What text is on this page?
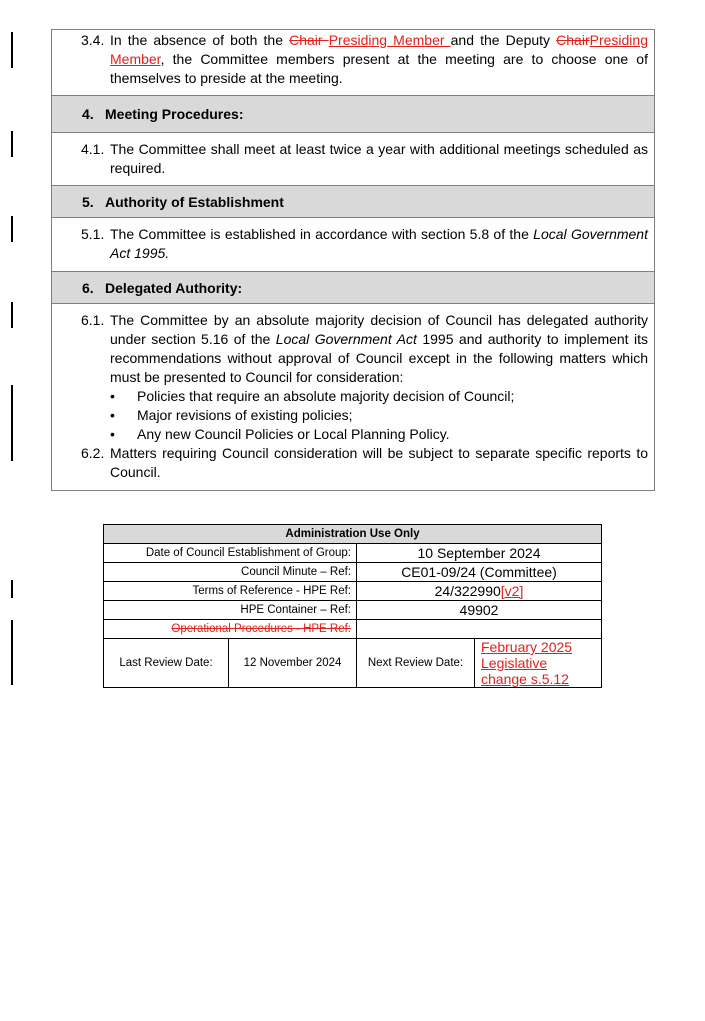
3.4. In the absence of both the Chair Presiding Member and the Deputy ChairPresiding Member, the Committee members present at the meeting are to choose one of themselves to preside at the meeting.
4. Meeting Procedures:
4.1. The Committee shall meet at least twice a year with additional meetings scheduled as required.
5. Authority of Establishment
5.1. The Committee is established in accordance with section 5.8 of the Local Government Act 1995.
6. Delegated Authority:
6.1. The Committee by an absolute majority decision of Council has delegated authority under section 5.16 of the Local Government Act 1995 and authority to implement its recommendations without approval of Council except in the following matters which must be presented to Council for consideration:
•	Policies that require an absolute majority decision of Council;
•	Major revisions of existing policies;
•	Any new Council Policies or Local Planning Policy.
6.2. Matters requiring Council consideration will be subject to separate specific reports to Council.
Administration Use Only			
Date of Council Establishment of Group:		10 September 2024	
Council Minute – Ref:		CE01-09/24 (Committee)	
Terms of Reference - HPE Ref:		24/322990[v2]	
HPE Container – Ref:		49902	
Operational Procedures - HPE Ref:			
Last Review Date:	12 November 2024	Next Review Date:	February 2025 Legislative change s.5.12
